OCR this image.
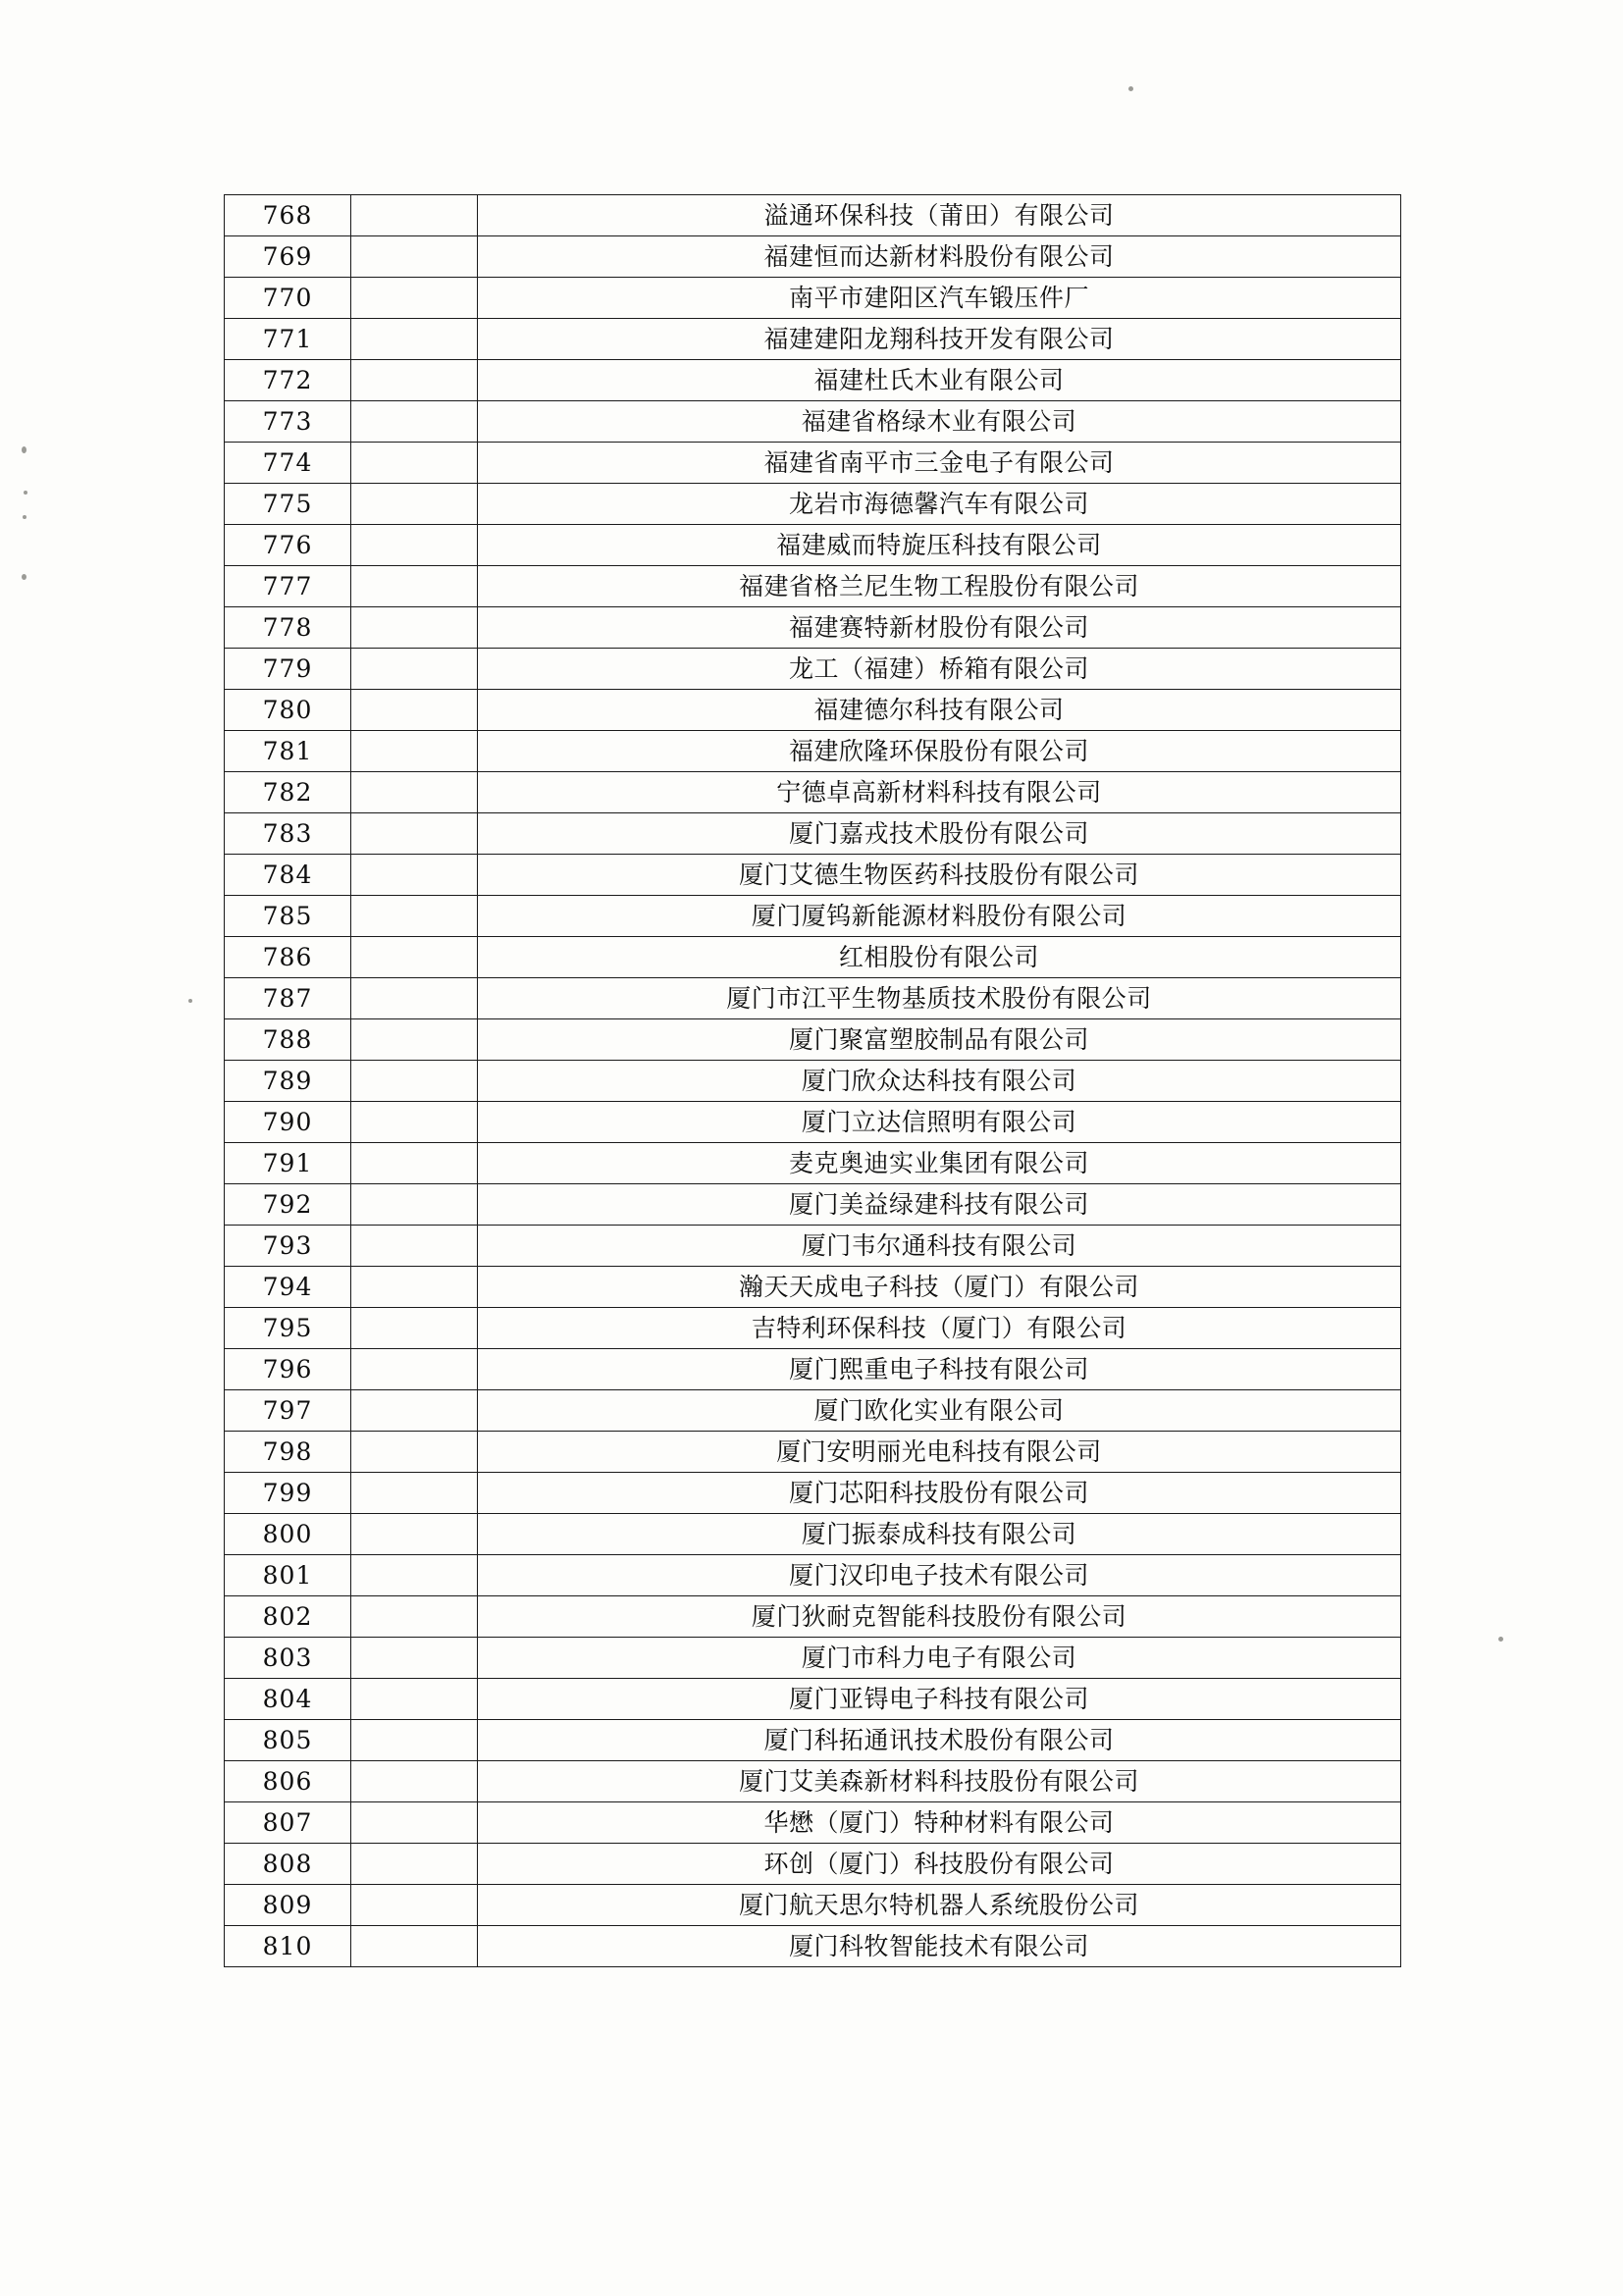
768		溢通环保科技（莆田）有限公司
769		福建恒而达新材料股份有限公司
770		南平市建阳区汽车锻压件厂
771		福建建阳龙翔科技开发有限公司
772		福建杜氏木业有限公司
773		福建省格绿木业有限公司
774		福建省南平市三金电子有限公司
775		龙岩市海德馨汽车有限公司
776		福建威而特旋压科技有限公司
777		福建省格兰尼生物工程股份有限公司
778		福建赛特新材股份有限公司
779		龙工（福建）桥箱有限公司
780		福建德尔科技有限公司
781		福建欣隆环保股份有限公司
782		宁德卓高新材料科技有限公司
783		厦门嘉戎技术股份有限公司
784		厦门艾德生物医药科技股份有限公司
785		厦门厦钨新能源材料股份有限公司
786		红相股份有限公司
787		厦门市江平生物基质技术股份有限公司
788		厦门聚富塑胶制品有限公司
789		厦门欣众达科技有限公司
790		厦门立达信照明有限公司
791		麦克奥迪实业集团有限公司
792		厦门美益绿建科技有限公司
793		厦门韦尔通科技有限公司
794		瀚天天成电子科技（厦门）有限公司
795		吉特利环保科技（厦门）有限公司
796		厦门熙重电子科技有限公司
797		厦门欧化实业有限公司
798		厦门安明丽光电科技有限公司
799		厦门芯阳科技股份有限公司
800		厦门振泰成科技有限公司
801		厦门汉印电子技术有限公司
802		厦门狄耐克智能科技股份有限公司
803		厦门市科力电子有限公司
804		厦门亚锝电子科技有限公司
805		厦门科拓通讯技术股份有限公司
806		厦门艾美森新材料科技股份有限公司
807		华懋（厦门）特种材料有限公司
808		环创（厦门）科技股份有限公司
809		厦门航天思尔特机器人系统股份公司
810		厦门科牧智能技术有限公司
